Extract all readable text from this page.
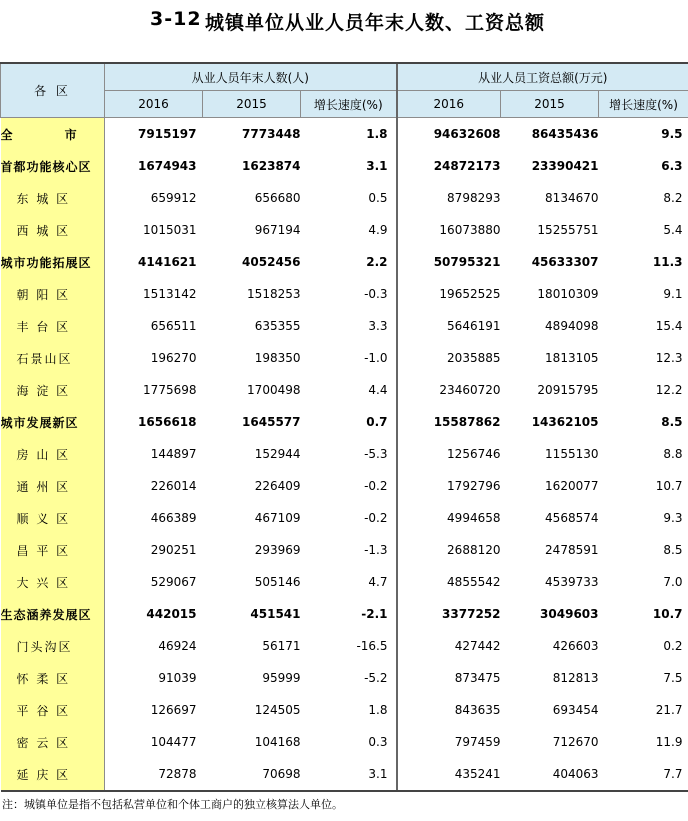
3-12 城镇单位从业人员年末人数、工资总额
各 区	从业人员年末人数(人)			从业人员工资总额(万元)		
	2016	2015	增长速度(%)	2016	2015	增长速度(%)
全 市	7915197	7773448	1.8	94632608	86435436	9.5
首都功能核心区	1674943	1623874	3.1	24872173	23390421	6.3
东 城 区	659912	656680	0.5	8798293	8134670	8.2
西 城 区	1015031	967194	4.9	16073880	15255751	5.4
城市功能拓展区	4141621	4052456	2.2	50795321	45633307	11.3
朝 阳 区	1513142	1518253	-0.3	19652525	18010309	9.1
丰 台 区	656511	635355	3.3	5646191	4894098	15.4
石景山区	196270	198350	-1.0	2035885	1813105	12.3
海 淀 区	1775698	1700498	4.4	23460720	20915795	12.2
城市发展新区	1656618	1645577	0.7	15587862	14362105	8.5
房 山 区	144897	152944	-5.3	1256746	1155130	8.8
通 州 区	226014	226409	-0.2	1792796	1620077	10.7
顺 义 区	466389	467109	-0.2	4994658	4568574	9.3
昌 平 区	290251	293969	-1.3	2688120	2478591	8.5
大 兴 区	529067	505146	4.7	4855542	4539733	7.0
生态涵养发展区	442015	451541	-2.1	3377252	3049603	10.7
门头沟区	46924	56171	-16.5	427442	426603	0.2
怀 柔 区	91039	95999	-5.2	873475	812813	7.5
平 谷 区	126697	124505	1.8	843635	693454	21.7
密 云 区	104477	104168	0.3	797459	712670	11.9
延 庆 区	72878	70698	3.1	435241	404063	7.7
注：城镇单位是指不包括私营单位和个体工商户的独立核算法人单位。
